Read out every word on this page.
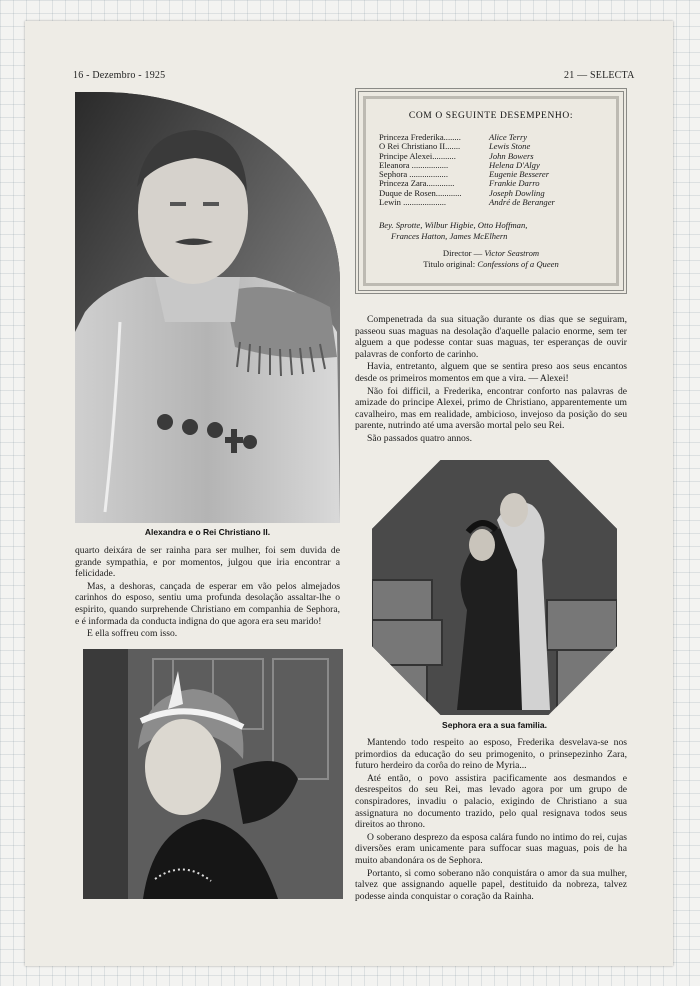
16 - Dezembro - 1925	21 — SELECTA
Alexandra e o Rei Christiano II.
COM O SEGUINTE DESEMPENHO:
Princeza Frederika........	Alice Terry
O Rei Christiano II.......	Lewis Stone
Principe Alexei...........	John Bowers
Eleanora .................	Helena D'Algy
Sephora ..................	Eugenie Besserer
Princeza Zara.............	Frankie Darro
Duque de Rosen............	Joseph Dowling
Lewin ....................	André de Beranger
Bey. Sprotte, Wilbur Higbie, Otto Hoffman,
Frances Hatton, James McElhern
Director — Victor Seastrom
Titulo original: Confessions of a Queen

Compenetrada da sua situação durante os dias que se seguiram, passeou suas maguas na desolação d'aquelle palacio enorme, sem ter alguem a que podesse contar suas maguas, ter esperanças de ouvir palavras de conforto de carinho.

Havia, entretanto, alguem que se sentira preso aos seus encantos desde os primeiros momentos em que a vira. — Alexei!

Não foi difficil, a Frederika, encontrar conforto nas palavras de amizade do principe Alexei, primo de Christiano, apparentemente um cavalheiro, mas em realidade, ambicioso, invejoso da posição do seu parente, nutrindo até uma aversão mortal pelo seu Rei.

São passados quatro annos.

Sephora era a sua familia.

quarto deixára de ser rainha para ser mulher, foi sem duvida de grande sympathia, e por momentos, julgou que iria encontrar a felicidade.

Mas, a deshoras, cançada de esperar em vão pelos almejados carinhos do esposo, sentiu uma profunda desolação assaltar-lhe o espirito, quando surprehende Christiano em companhia de Sephora, e é informada da conducta indigna do que agora era seu marido!

E ella soffreu com isso.

Mantendo todo respeito ao esposo, Frederika desvelava-se nos primordios da educação do seu primogenito, o prinsepezinho Zara, futuro herdeiro da corôa do reino de Myria...

Até então, o povo assistira pacificamente aos desmandos e desrespeitos do seu Rei, mas levado agora por um grupo de conspiradores, invadiu o palacio, exigindo de Christiano a sua assignatura no documento trazido, pelo qual resignava todos seus direitos ao throno.

O soberano desprezo da esposa calára fundo no intimo do rei, cujas diversões eram unicamente para suffocar suas maguas, pois de ha muito abandonára os de Sephora.

Portanto, si como soberano não conquistára o amor da sua mulher, talvez que assignando aquelle papel, destituido da nobreza, talvez podesse ainda conquistar o coração da Rainha.
